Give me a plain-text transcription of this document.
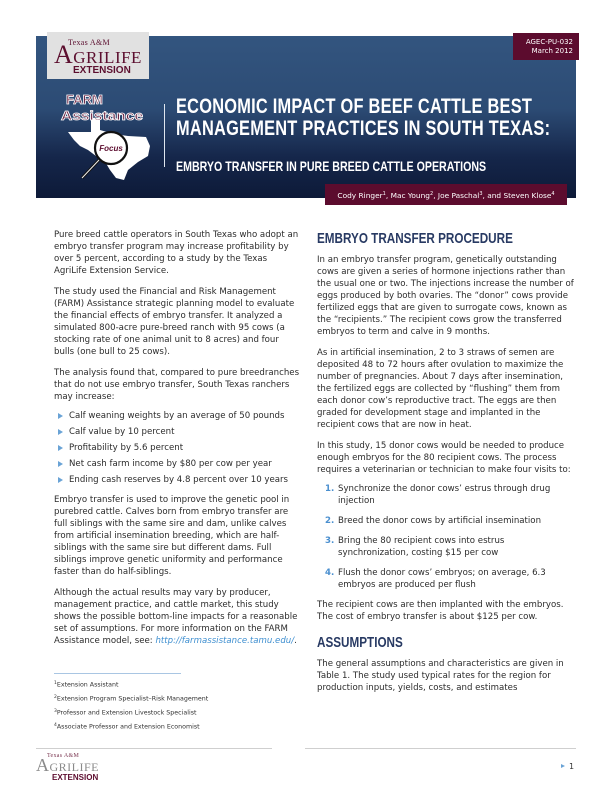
Texas A&M
AGRILIFE
EXTENSION
AGEC-PU-032
March 2012
Focus
FARM
Assistance ECONOMIC IMPACT OF BEEF CATTLE BEST
MANAGEMENT PRACTICES IN SOUTH TEXAS:
EMBRYO TRANSFER IN PURE BREED CATTLE OPERATIONS
Cody Ringer$^1$, Mac Young$^2$, Joe Paschal$^3$, and Steven Klose$^4$

Pure breed cattle operators in South Texas who adopt an embryo transfer program may increase profitability by over 5 percent, according to a study by the Texas AgriLife Extension Service.

The study used the Financial and Risk Management (FARM) Assistance strategic planning model to evaluate the financial effects of embryo transfer. It analyzed a simulated 800-acre pure-breed ranch with 95 cows (a stocking rate of one animal unit to 8 acres) and four bulls (one bull to 25 cows).

The analysis found that, compared to pure breedranches that do not use embryo transfer, South Texas ranchers may increase:

Calf weaning weights by an average of 50 pounds
Calf value by 10 percent
Profitability by 5.6 percent
Net cash farm income by $80 per cow per year
Ending cash reserves by 4.8 percent over 10 years

Embryo transfer is used to improve the genetic pool in purebred cattle. Calves born from embryo transfer are full siblings with the same sire and dam, unlike calves from artificial insemination breeding, which are half-siblings with the same sire but different dams. Full siblings improve genetic uniformity and performance faster than do half-siblings.

Although the actual results may vary by producer, management practice, and cattle market, this study shows the possible bottom-line impacts for a reasonable set of assumptions. For more information on the FARM Assistance model, see: http://farmassistance.tamu.edu/.

$^1$Extension Assistant
$^2$Extension Program Specialist–Risk Management
$^3$Professor and Extension Livestock Specialist
$^4$Associate Professor and Extension Economist
EMBRYO TRANSFER PROCEDURE

In an embryo transfer program, genetically outstanding cows are given a series of hormone injections rather than the usual one or two. The injections increase the number of eggs produced by both ovaries. The “donor” cows provide fertilized eggs that are given to surrogate cows, known as the “recipients.” The recipient cows grow the transferred embryos to term and calve in 9 months.

As in artificial insemination, 2 to 3 straws of semen are deposited 48 to 72 hours after ovulation to maximize the number of pregnancies. About 7 days after insemination, the fertilized eggs are collected by “flushing” them from each donor cow’s reproductive tract. The eggs are then graded for development stage and implanted in the recipient cows that are now in heat.

In this study, 15 donor cows would be needed to produce enough embryos for the 80 recipient cows. The process requires a veterinarian or technician to make four visits to:

1. Synchronize the donor cows’ estrus through drug injection
2. Breed the donor cows by artificial insemination
3. Bring the 80 recipient cows into estrus synchronization, costing $15 per cow
4. Flush the donor cows’ embryos; on average, 6.3 embryos are produced per flush

The recipient cows are then implanted with the embryos. The cost of embryo transfer is about $125 per cow.

ASSUMPTIONS

The general assumptions and characteristics are given in Table 1. The study used typical rates for the region for production inputs, yields, costs, and estimates

Texas A&M
AGRILIFE
EXTENSION
1
